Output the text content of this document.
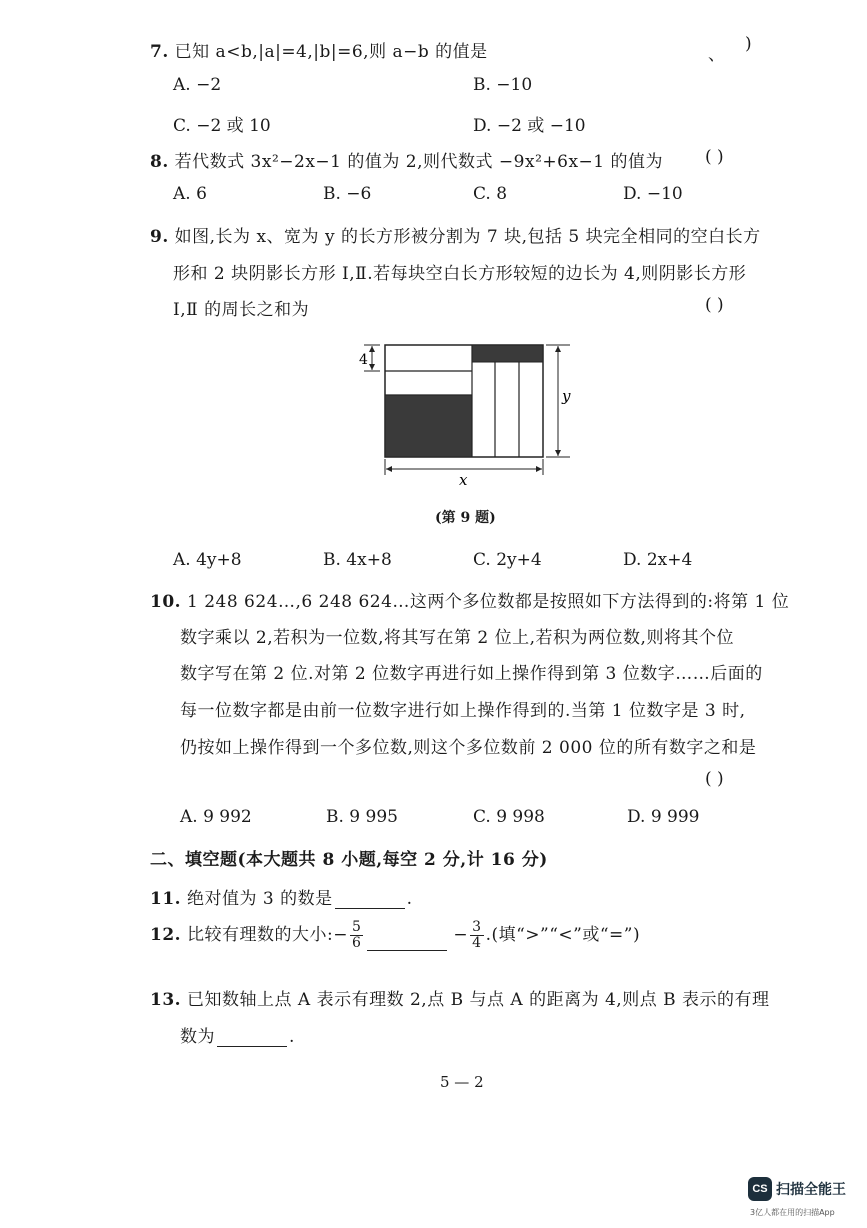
7. 已知 a<b,|a|=4,|b|=6,则 a−b 的值是	、
)
A. −2	B. −10
C. −2 或 10	D. −2 或 −10
8. 若代数式 3x²−2x−1 的值为 2,则代数式 −9x²+6x−1 的值为 ( )
A. 6	B. −6	C. 8	D. −10
9. 如图,长为 x、宽为 y 的长方形被分割为 7 块,包括 5 块完全相同的空白长方
形和 2 块阴影长方形 Ⅰ,Ⅱ.若每块空白长方形较短的边长为 4,则阴影长方形
Ⅰ,Ⅱ 的周长之和为	( )
4
y
x
(第 9 题)
A. 4y+8	B. 4x+8	C. 2y+4	D. 2x+4
10. 1 248 624…,6 248 624…这两个多位数都是按照如下方法得到的:将第 1 位
数字乘以 2,若积为一位数,将其写在第 2 位上,若积为两位数,则将其个位
数字写在第 2 位.对第 2 位数字再进行如上操作得到第 3 位数字……后面的
每一位数字都是由前一位数字进行如上操作得到的.当第 1 位数字是 3 时,
仍按如上操作得到一个多位数,则这个多位数前 2 000 位的所有数字之和是
( )
A. 9 992	B. 9 995	C. 9 998	D. 9 999
二、填空题(本大题共 8 小题,每空 2 分,计 16 分)
11. 绝对值为 3 的数是	.
12. 比较有理数的大小:− $\frac{5}{6}$	− $\frac{3}{4}$ .(填“>”“<”或“=”)
13. 已知数轴上点 A 表示有理数 2,点 B 与点 A 的距离为 4,则点 B 表示的有理
数为	.
5 — 2
CS 扫描全能王
3亿人都在用的扫描App
